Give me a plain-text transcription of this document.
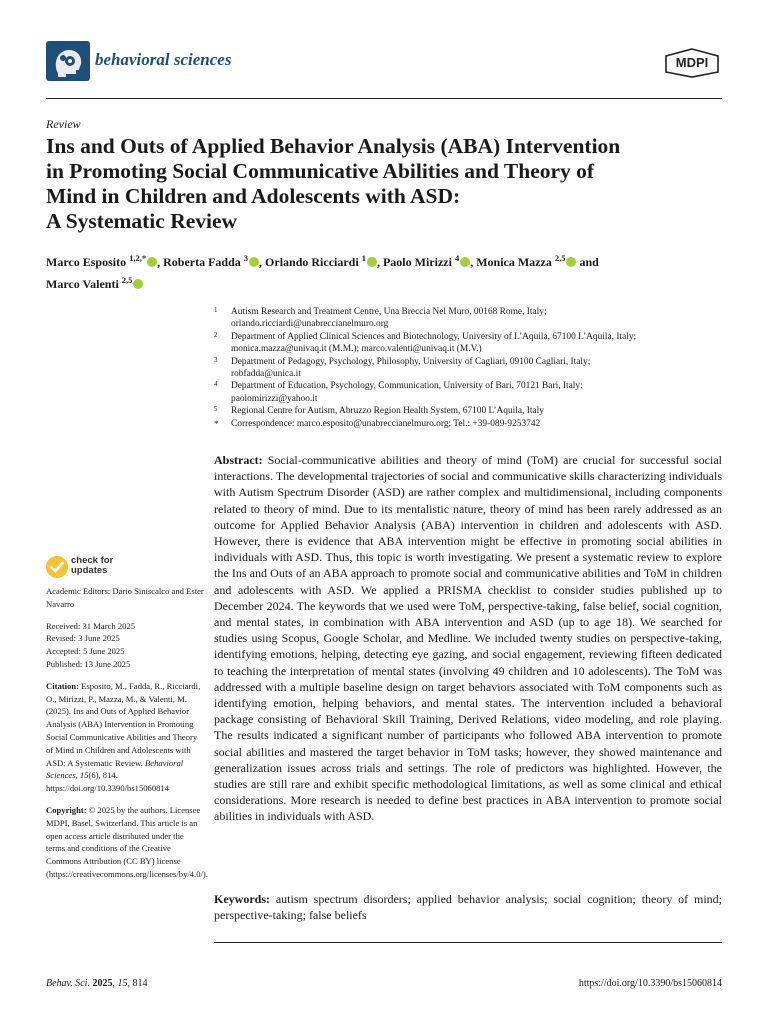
behavioral sciences	MDPI
Review
Ins and Outs of Applied Behavior Analysis (ABA) Intervention
in Promoting Social Communicative Abilities and Theory of
Mind in Children and Adolescents with ASD:
A Systematic Review
Marco Esposito $^{1,2,*}$ , Roberta Fadda $^3$ , Orlando Ricciardi $^1$ , Paolo Mirizzi $^4$ , Monica Mazza $^{2,5}$ and
Marco Valenti $^{2,5}$
1 Autism Research and Treatment Centre, Una Breccia Nel Muro, 00168 Rome, Italy;
orlando.ricciardi@unabreccianelmuro.org
2 Department of Applied Clinical Sciences and Biotechnology, University of L’Aquila, 67100 L’Aquila, Italy;
monica.mazza@univaq.it (M.M.); marco.valenti@univaq.it (M.V.)
3 Department of Pedagogy, Psychology, Philosophy, University of Cagliari, 09100 Cagliari, Italy;
robfadda@unica.it
4 Department of Education, Psychology, Communication, University of Bari, 70121 Bari, Italy;
paolomirizzi@yahoo.it
5 Regional Centre for Autism, Abruzzo Region Health System, 67100 L’Aquila, Italy
* Correspondence: marco.esposito@unabreccianelmuro.org; Tel.: +39-089-9253742
Abstract: Social-communicative abilities and theory of mind (ToM) are crucial for successful social interactions. The developmental trajectories of social and communicative skills characterizing individuals with Autism Spectrum Disorder (ASD) are rather complex and multidimensional, including components related to theory of mind. Due to its mentalistic nature, theory of mind has been rarely addressed as an outcome for Applied Behavior Analysis (ABA) intervention in children and adolescents with ASD. However, there is evidence that ABA intervention might be effective in promoting social abilities in individuals with ASD. Thus, this topic is worth investigating. We present a systematic review to explore the Ins and Outs of an ABA approach to promote social and communicative abilities and ToM in children and adolescents with ASD. We applied a PRISMA checklist to consider studies published up to December 2024. The keywords that we used were ToM, perspective-taking, false belief, social cognition, and mental states, in combination with ABA intervention and ASD (up to age 18). We searched for studies using Scopus, Google Scholar, and Medline. We included twenty studies on perspective-taking, identifying emotions, helping, detecting eye gazing, and social engagement, reviewing fifteen dedicated to teaching the interpretation of mental states (involving 49 children and 10 adolescents). The ToM was addressed with a multiple baseline design on target behaviors associated with ToM components such as identifying emotion, helping behaviors, and mental states. The intervention included a behavioral package consisting of Behavioral Skill Training, Derived Relations, video modeling, and role playing. The results indicated a significant number of participants who followed ABA intervention to promote social abilities and mastered the target behavior in ToM tasks; however, they showed maintenance and generalization issues across trials and settings. The role of predictors was highlighted. However, the studies are still rare and exhibit specific methodological limitations, as well as some clinical and ethical considerations. More research is needed to define best practices in ABA intervention to promote social abilities in individuals with ASD.
Keywords: autism spectrum disorders; applied behavior analysis; social cognition; theory of mind; perspective-taking; false beliefs
check for
updates

Academic Editors: Dario Siniscalco and Ester Navarro

Received: 31 March 2025
Revised: 3 June 2025
Accepted: 5 June 2025
Published: 13 June 2025

Citation: Esposito, M., Fadda, R., Ricciardi, O., Mirizzi, P., Mazza, M., & Valenti, M. (2025). Ins and Outs of Applied Behavior Analysis (ABA) Intervention in Promoting Social Communicative Abilities and Theory of Mind in Children and Adolescents with ASD: A Systematic Review. Behavioral Sciences, 15(6), 814. https://doi.org/10.3390/bs15060814

Copyright: © 2025 by the authors. Licensee MDPI, Basel, Switzerland. This article is an open access article distributed under the terms and conditions of the Creative Commons Attribution (CC BY) license (https://creativecommons.org/licenses/by/4.0/).

Behav. Sci. 2025, 15, 814	https://doi.org/10.3390/bs15060814
